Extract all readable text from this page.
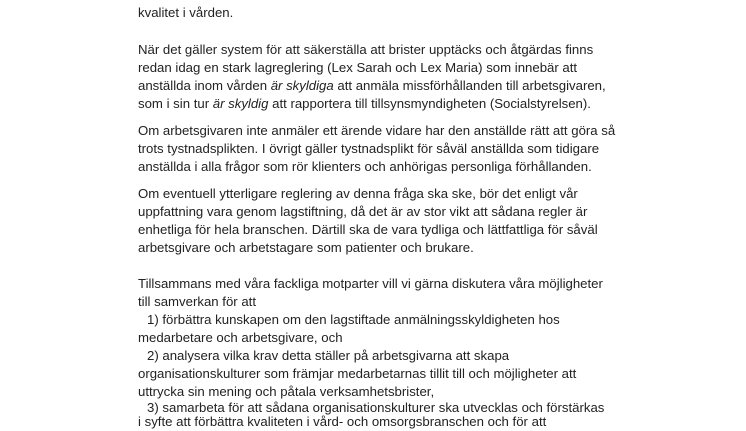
kvalitet i vården.
När det gäller system för att säkerställa att brister upptäcks och åtgärdas finns
redan idag en stark lagreglering (Lex Sarah och Lex Maria) som innebär att
anställda inom vården är skyldiga att anmäla missförhållanden till arbetsgivaren,
som i sin tur är skyldig att rapportera till tillsynsmyndigheten (Socialstyrelsen).
Om arbetsgivaren inte anmäler ett ärende vidare har den anställde rätt att göra så
trots tystnadsplikten. I övrigt gäller tystnadsplikt för såväl anställda som tidigare
anställda i alla frågor som rör klienters och anhörigas personliga förhållanden.
Om eventuell ytterligare reglering av denna fråga ska ske, bör det enligt vår
uppfattning vara genom lagstiftning, då det är av stor vikt att sådana regler är
enhetliga för hela branschen. Därtill ska de vara tydliga och lättfattliga för såväl
arbetsgivare och arbetstagare som patienter och brukare.
Tillsammans med våra fackliga motparter vill vi gärna diskutera våra möjligheter
till samverkan för att
1) förbättra kunskapen om den lagstiftade anmälningsskyldigheten hos
medarbetare och arbetsgivare, och
2) analysera vilka krav detta ställer på arbetsgivarna att skapa
organisationskulturer som främjar medarbetarnas tillit till och möjligheter att
uttrycka sin mening och påtala verksamhetsbrister,
3) samarbeta för att sådana organisationskulturer ska utvecklas och förstärkas
i syfte att förbättra kvaliteten i vård- och omsorgsbranschen och för att
